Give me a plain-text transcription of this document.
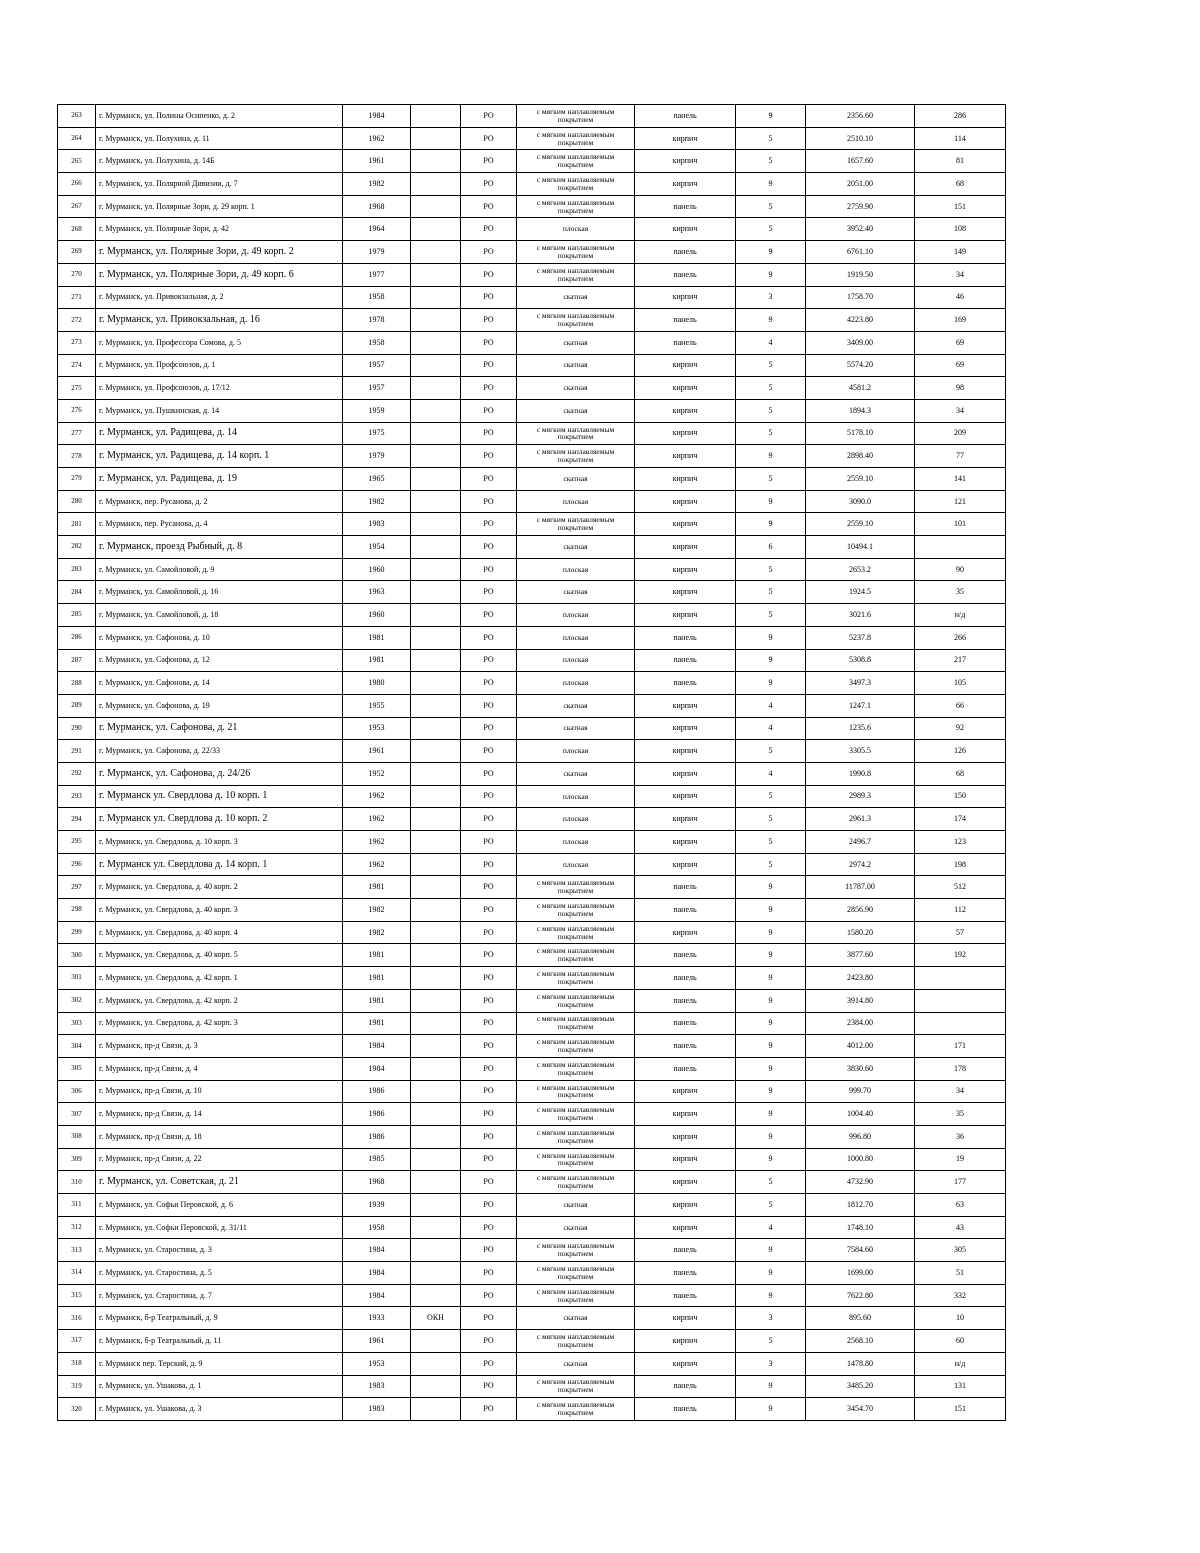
263	г. Мурманск, ул. Полины Осипенко, д. 2	1984		РО	с мягким наплавляемым покрытием	панель	9	2356.60	286
264	г. Мурманск, ул. Полухина, д. 11	1962		РО	с мягким наплавляемым покрытием	кирпич	5	2510.10	114
265	г. Мурманск, ул. Полухина, д. 14Б	1961		РО	с мягким наплавляемым покрытием	кирпич	5	1657.60	81
266	г. Мурманск, ул. Полярной Дивизии, д. 7	1982		РО	с мягким наплавляемым покрытием	кирпич	9	2051.00	68
267	г. Мурманск, ул. Полярные Зори, д. 29 корп. 1	1968		РО	с мягким наплавляемым покрытием	панель	5	2759.90	151
268	г. Мурманск, ул. Полярные Зори, д. 42	1964		РО	плоская	кирпич	5	3952.40	108
269	г. Мурманск, ул. Полярные Зори, д. 49 корп. 2	1979		РО	с мягким наплавляемым покрытием	панель	9	6761.10	149
270	г. Мурманск, ул. Полярные Зори, д. 49 корп. 6	1977		РО	с мягким наплавляемым покрытием	панель	9	1919.50	34
271	г. Мурманск, ул. Привокзальная, д. 2	1958		РО	скатная	кирпич	3	1758.70	46
272	г. Мурманск, ул. Привокзальная, д. 16	1978		РО	с мягким наплавляемым покрытием	панель	9	4223.80	169
273	г. Мурманск, ул. Профессора Сомова, д. 5	1958		РО	скатная	панель	4	3409.00	69
274	г. Мурманск, ул. Профсоюзов, д. 1	1957		РО	скатная	кирпич	5	5574.20	69
275	г. Мурманск, ул. Профсоюзов, д. 17/12	1957		РО	скатная	кирпич	5	4581.2	98
276	г. Мурманск, ул. Пушкинская, д. 14	1959		РО	скатная	кирпич	5	1894.3	34
277	г. Мурманск, ул. Радищева, д. 14	1975		РО	с мягким наплавляемым покрытием	кирпич	5	5178.10	209
278	г. Мурманск, ул. Радищева, д. 14 корп. 1	1979		РО	с мягким наплавляемым покрытием	кирпич	9	2898.40	77
279	г. Мурманск, ул. Радищева, д. 19	1965		РО	скатная	кирпич	5	2559.10	141
280	г. Мурманск, пер. Русанова, д. 2	1982		РО	плоская	кирпич	9	3090.0	121
281	г. Мурманск, пер. Русанова, д. 4	1983		РО	с мягким наплавляемым покрытием	кирпич	9	2559.10	101
282	г. Мурманск, проезд Рыбный, д. 8	1954		РО	скатная	кирпич	6	10494.1	
283	г. Мурманск, ул. Самойловой, д. 9	1960		РО	плоская	кирпич	5	2653.2	90
284	г. Мурманск, ул. Самойловой, д. 16	1963		РО	скатная	кирпич	5	1924.5	35
285	г. Мурманск, ул. Самойловой, д. 18	1960		РО	плоская	кирпич	5	3021.6	н/д
286	г. Мурманск, ул. Сафонова, д. 10	1981		РО	плоская	панель	9	5237.8	266
287	г. Мурманск, ул. Сафонова, д. 12	1981		РО	плоская	панель	9	5308.8	217
288	г. Мурманск, ул. Сафонова, д. 14	1980		РО	плоская	панель	9	3497.3	105
289	г. Мурманск, ул. Сафонова, д. 19	1955		РО	скатная	кирпич	4	1247.1	66
290	г. Мурманск, ул. Сафонова, д. 21	1953		РО	скатная	кирпич	4	1235.6	92
291	г. Мурманск, ул. Сафонова, д. 22/33	1961		РО	плоская	кирпич	5	3305.5	126
292	г. Мурманск, ул. Сафонова, д. 24/26	1952		РО	скатная	кирпич	4	1990.8	68
293	г. Мурманск ул. Свердлова д. 10 корп. 1	1962		РО	плоская	кирпич	5	2989.3	150
294	г. Мурманск ул. Свердлова д. 10 корп. 2	1962		РО	плоская	кирпич	5	2961.3	174
295	г. Мурманск, ул. Свердлова, д. 10 корп. 3	1962		РО	плоская	кирпич	5	2496.7	123
296	г. Мурманск ул. Свердлова д. 14 корп. 1	1962		РО	плоская	кирпич	5	2974.2	198
297	г. Мурманск, ул. Свердлова, д. 40 корп. 2	1981		РО	с мягким наплавляемым покрытием	панель	9	11787.00	512
298	г. Мурманск, ул. Свердлова, д. 40 корп. 3	1982		РО	с мягким наплавляемым покрытием	панель	9	2856.90	112
299	г. Мурманск, ул. Свердлова, д. 40 корп. 4	1982		РО	с мягким наплавляемым покрытием	кирпич	9	1580.20	57
300	г. Мурманск, ул. Свердлова, д. 40 корп. 5	1981		РО	с мягким наплавляемым покрытием	панель	9	3877.60	192
301	г. Мурманск, ул. Свердлова, д. 42 корп. 1	1981		РО	с мягким наплавляемым покрытием	панель	9	2423.80	
302	г. Мурманск, ул. Свердлова, д. 42 корп. 2	1981		РО	с мягким наплавляемым покрытием	панель	9	3914.80	
303	г. Мурманск, ул. Свердлова, д. 42 корп. 3	1981		РО	с мягким наплавляемым покрытием	панель	9	2384.00	
304	г. Мурманск, пр-д Связи, д. 3	1984		РО	с мягким наплавляемым покрытием	панель	9	4012.00	171
305	г. Мурманск, пр-д Связи, д. 4	1984		РО	с мягким наплавляемым покрытием	панель	9	3830.60	178
306	г. Мурманск, пр-д Связи, д. 10	1986		РО	с мягким наплавляемым покрытием	кирпич	9	999.70	34
307	г. Мурманск, пр-д Связи, д. 14	1986		РО	с мягким наплавляемым покрытием	кирпич	9	1004.40	35
308	г. Мурманск, пр-д Связи, д. 18	1986		РО	с мягким наплавляемым покрытием	кирпич	9	996.80	36
309	г. Мурманск, пр-д Связи, д. 22	1985		РО	с мягким наплавляемым покрытием	кирпич	9	1000.80	19
310	г. Мурманск, ул. Советская, д. 21	1968		РО	с мягким наплавляемым покрытием	кирпич	5	4732.90	177
311	г. Мурманск, ул. Софьи Перовской, д. 6	1939		РО	скатная	кирпич	5	1812.70	63
312	г. Мурманск, ул. Софьи Перовской, д. 31/11	1958		РО	скатная	кирпич	4	1748.10	43
313	г. Мурманск, ул. Старостина, д. 3	1984		РО	с мягким наплавляемым покрытием	панель	9	7584.60	305
314	г. Мурманск, ул. Старостина, д. 5	1984		РО	с мягким наплавляемым покрытием	панель	9	1699.00	51
315	г. Мурманск, ул. Старостина, д. 7	1984		РО	с мягким наплавляемым покрытием	панель	9	7622.80	332
316	г. Мурманск, б-р Театральный, д. 9	1933	ОКН	РО	скатная	кирпич	3	895.60	10
317	г. Мурманск, б-р Театральный, д. 11	1961		РО	с мягким наплавляемым покрытием	кирпич	5	2568.10	60
318	г. Мурманск пер. Терский, д. 9	1953		РО	скатная	кирпич	3	1478.80	н/д
319	г. Мурманск, ул. Ушакова, д. 1	1983		РО	с мягким наплавляемым покрытием	панель	9	3485.20	131
320	г. Мурманск, ул. Ушакова, д. 3	1983		РО	с мягким наплавляемым покрытием	панель	9	3454.70	151
